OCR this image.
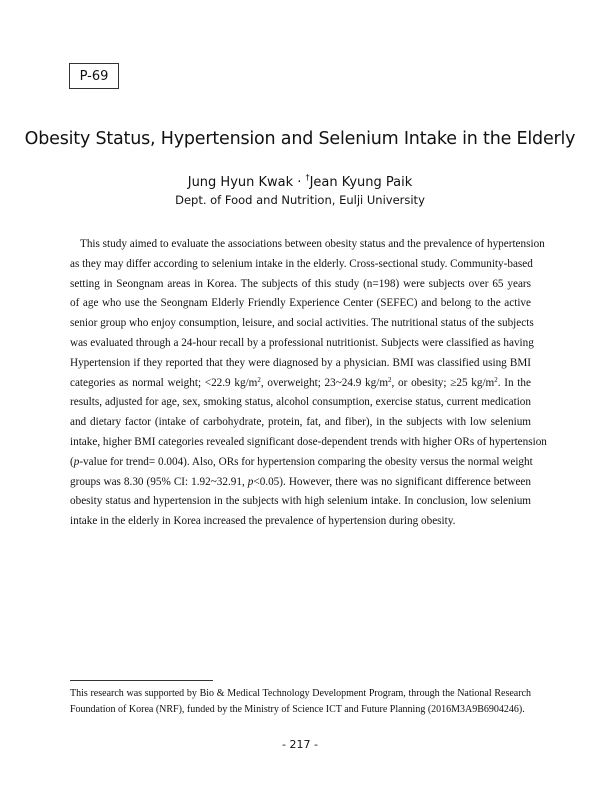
P-69
Obesity Status, Hypertension and Selenium Intake in the Elderly
Jung Hyun Kwak · †Jean Kyung Paik
Dept. of Food and Nutrition, Eulji University
This study aimed to evaluate the associations between obesity status and the prevalence of hypertension
as they may differ according to selenium intake in the elderly. Cross-sectional study. Community-based
setting in Seongnam areas in Korea. The subjects of this study (n=198) were subjects over 65 years
of age who use the Seongnam Elderly Friendly Experience Center (SEFEC) and belong to the active
senior group who enjoy consumption, leisure, and social activities. The nutritional status of the subjects
was evaluated through a 24-hour recall by a professional nutritionist. Subjects were classified as having
Hypertension if they reported that they were diagnosed by a physician. BMI was classified using BMI
categories as normal weight; <22.9 $kg/m^2$, overweight; 23~24.9 $kg/m^2$, or obesity; ≥25 $kg/m^2$. In the
results, adjusted for age, sex, smoking status, alcohol consumption, exercise status, current medication
and dietary factor (intake of carbohydrate, protein, fat, and fiber), in the subjects with low selenium
intake, higher BMI categories revealed significant dose-dependent trends with higher ORs of hypertension
(p-value for trend= 0.004). Also, ORs for hypertension comparing the obesity versus the normal weight
groups was 8.30 (95% CI: 1.92~32.91, p<0.05). However, there was no significant difference between
obesity status and hypertension in the subjects with high selenium intake. In conclusion, low selenium
intake in the elderly in Korea increased the prevalence of hypertension during obesity.
This research was supported by Bio & Medical Technology Development Program, through the National Research
Foundation of Korea (NRF), funded by the Ministry of Science ICT and Future Planning (2016M3A9B6904246).
- 217 -
